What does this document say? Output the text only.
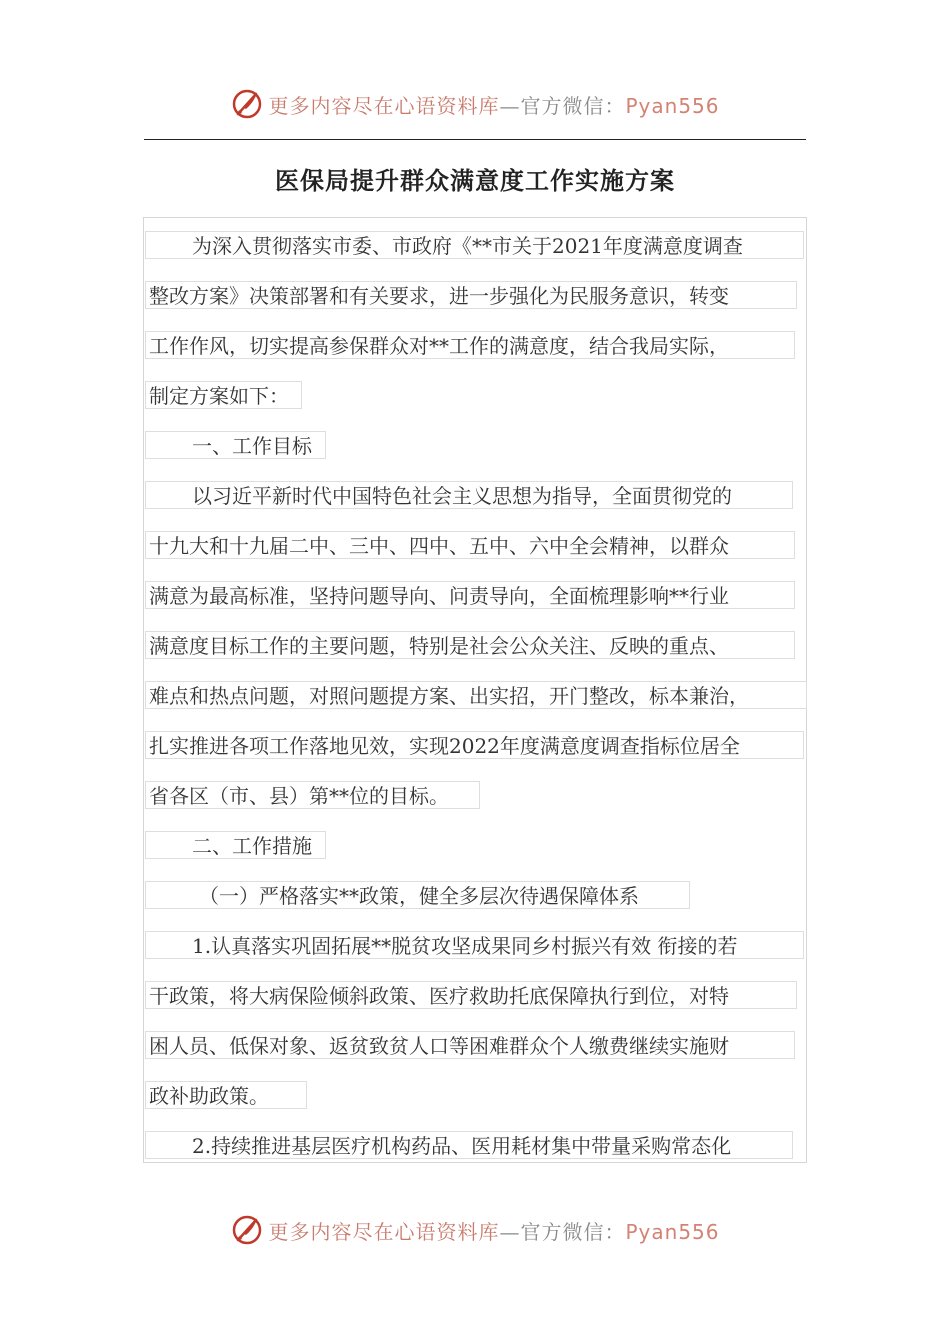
更多内容尽在心语资料库—官方微信：Pyan556
医保局提升群众满意度工作实施方案
为深入贯彻落实市委、市政府《**市关于2021年度满意度调查
整改方案》决策部署和有关要求，进一步强化为民服务意识，转变
工作作风，切实提高参保群众对**工作的满意度，结合我局实际，
制定方案如下：
一、工作目标
以习近平新时代中国特色社会主义思想为指导，全面贯彻党的
十九大和十九届二中、三中、四中、五中、六中全会精神，以群众
满意为最高标准，坚持问题导向、问责导向，全面梳理影响**行业
满意度目标工作的主要问题，特别是社会公众关注、反映的重点、
难点和热点问题，对照问题提方案、出实招，开门整改，标本兼治，
扎实推进各项工作落地见效，实现2022年度满意度调查指标位居全
省各区（市、县）第**位的目标。
二、工作措施
（一）严格落实**政策，健全多层次待遇保障体系
1.认真落实巩固拓展**脱贫攻坚成果同乡村振兴有效 衔接的若
干政策，将大病保险倾斜政策、医疗救助托底保障执行到位，对特
困人员、低保对象、返贫致贫人口等困难群众个人缴费继续实施财
政补助政策。
2.持续推进基层医疗机构药品、医用耗材集中带量采购常态化
更多内容尽在心语资料库—官方微信：Pyan556
